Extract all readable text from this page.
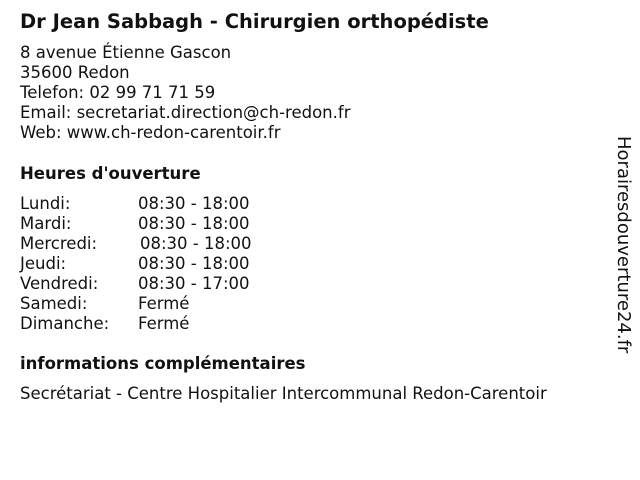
Dr Jean Sabbagh - Chirurgien orthopédiste
8 avenue Étienne Gascon
35600 Redon
Telefon: 02 99 71 71 59
Email: secretariat.direction@ch-redon.fr
Web: www.ch-redon-carentoir.fr
Heures d'ouverture
Lundi:	08:30 - 18:00
Mardi:	08:30 - 18:00
Mercredi:	08:30 - 18:00
Jeudi:	08:30 - 18:00
Vendredi: 08:30 - 17:00
Samedi:	Fermé
Dimanche: Fermé
informations complémentaires
Secrétariat - Centre Hospitalier Intercommunal Redon-Carentoir
Horairesdouverture24.fr
